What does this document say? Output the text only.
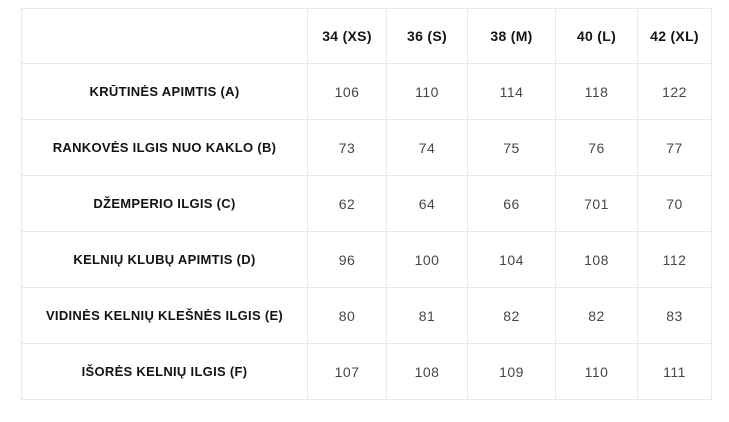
	34 (XS)	36 (S)	38 (M)	40 (L)	42 (XL)
KRŪTINĖS APIMTIS (A)	106	110	114	118	122
RANKOVĖS ILGIS NUO KAKLO (B)	73	74	75	76	77
DŽEMPERIO ILGIS (C)	62	64	66	701	70
KELNIŲ KLUBŲ APIMTIS (D)	96	100	104	108	112
VIDINĖS KELNIŲ KLEŠNĖS ILGIS (E)	80	81	82	82	83
IŠORĖS KELNIŲ ILGIS (F)	107	108	109	110	111
